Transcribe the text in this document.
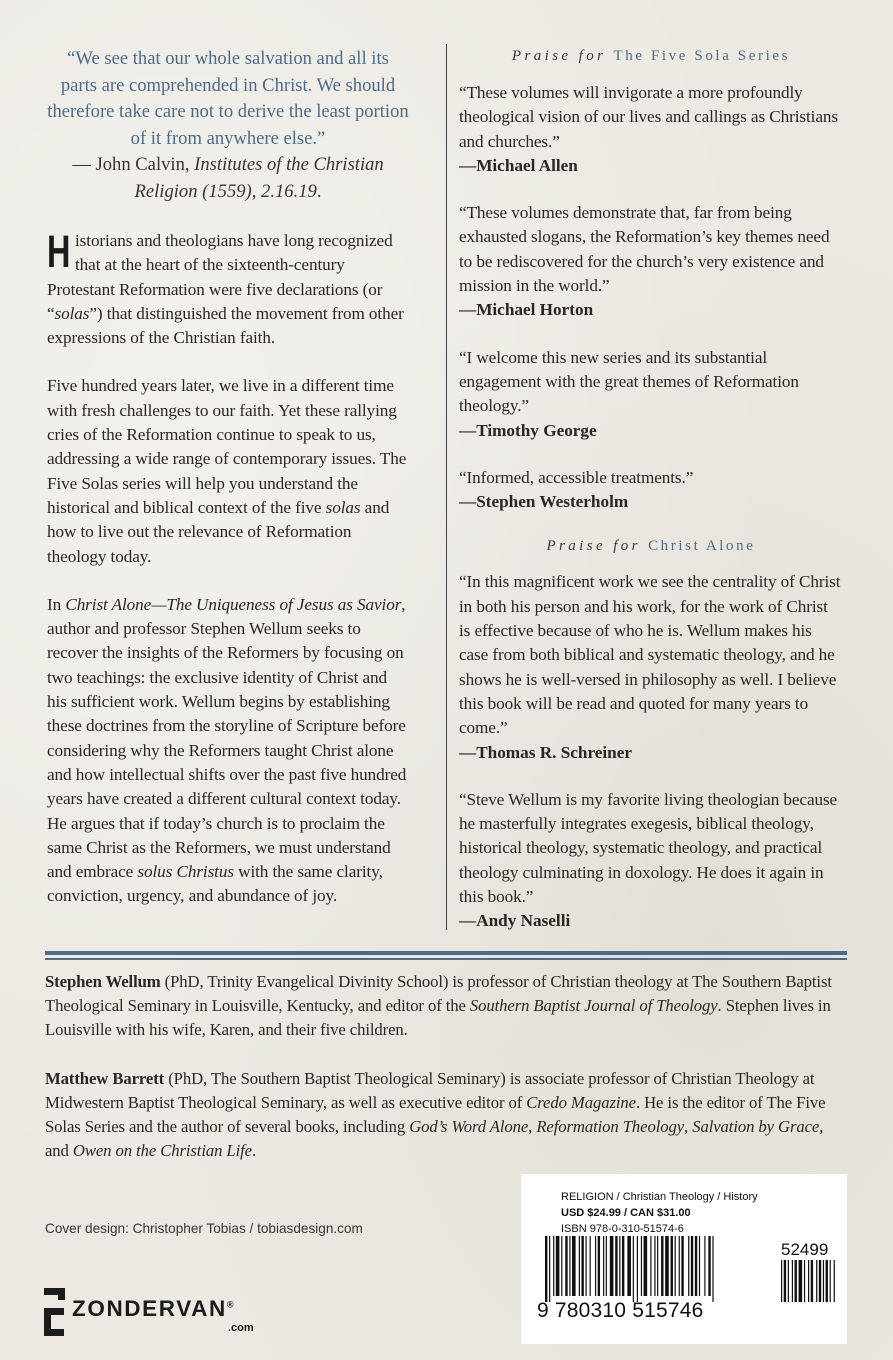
“We see that our whole salvation and all its parts are comprehended in Christ. We should therefore take care not to derive the least portion of it from anywhere else.”

— John Calvin, Institutes of the Christian Religion (1559), 2.16.19.

Historians and theologians have long recognized that at the heart of the sixteenth-century Protestant Reformation were five declarations (or “solas”) that distinguished the movement from other expressions of the Christian faith.

Five hundred years later, we live in a different time with fresh challenges to our faith. Yet these rallying cries of the Reformation continue to speak to us, addressing a wide range of contemporary issues. The Five Solas series will help you understand the historical and biblical context of the five solas and how to live out the relevance of Reformation theology today.

In Christ Alone—The Uniqueness of Jesus as Savior, author and professor Stephen Wellum seeks to recover the insights of the Reformers by focusing on two teachings: the exclusive identity of Christ and his sufficient work. Wellum begins by establishing these doctrines from the storyline of Scripture before considering why the Reformers taught Christ alone and how intellectual shifts over the past five hundred years have created a different cultural context today. He argues that if today’s church is to proclaim the same Christ as the Reformers, we must understand and embrace solus Christus with the same clarity, conviction, urgency, and abundance of joy.

Praise for The Five Sola Series

“These volumes will invigorate a more profoundly theological vision of our lives and callings as Christians and churches.”

—Michael Allen

“These volumes demonstrate that, far from being exhausted slogans, the Reformation’s key themes need to be rediscovered for the church’s very existence and mission in the world.”

—Michael Horton

“I welcome this new series and its substantial engagement with the great themes of Reformation theology.”

—Timothy George

“Informed, accessible treatments.”

—Stephen Westerholm

Praise for Christ Alone

“In this magnificent work we see the centrality of Christ in both his person and his work, for the work of Christ is effective because of who he is. Wellum makes his case from both biblical and systematic theology, and he shows he is well-versed in philosophy as well. I believe this book will be read and quoted for many years to come.”

—Thomas R. Schreiner

“Steve Wellum is my favorite living theologian because he masterfully integrates exegesis, biblical theology, historical theology, systematic theology, and practical theology culminating in doxology. He does it again in this book.”

—Andy Naselli

Stephen Wellum (PhD, Trinity Evangelical Divinity School) is professor of Christian theology at The Southern Baptist Theological Seminary in Louisville, Kentucky, and editor of the Southern Baptist Journal of Theology. Stephen lives in Louisville with his wife, Karen, and their five children.

Matthew Barrett (PhD, The Southern Baptist Theological Seminary) is associate professor of Christian Theology at Midwestern Baptist Theological Seminary, as well as executive editor of Credo Magazine. He is the editor of The Five Solas Series and the author of several books, including God’s Word Alone, Reformation Theology, Salvation by Grace, and Owen on the Christian Life.

Cover design: Christopher Tobias / tobiasdesign.com
ZONDERVAN®
.com
RELIGION / Christian Theology / History
USD $24.99 / CAN $31.00
ISBN 978-0-310-51574-6
9 780310 515746
52499
